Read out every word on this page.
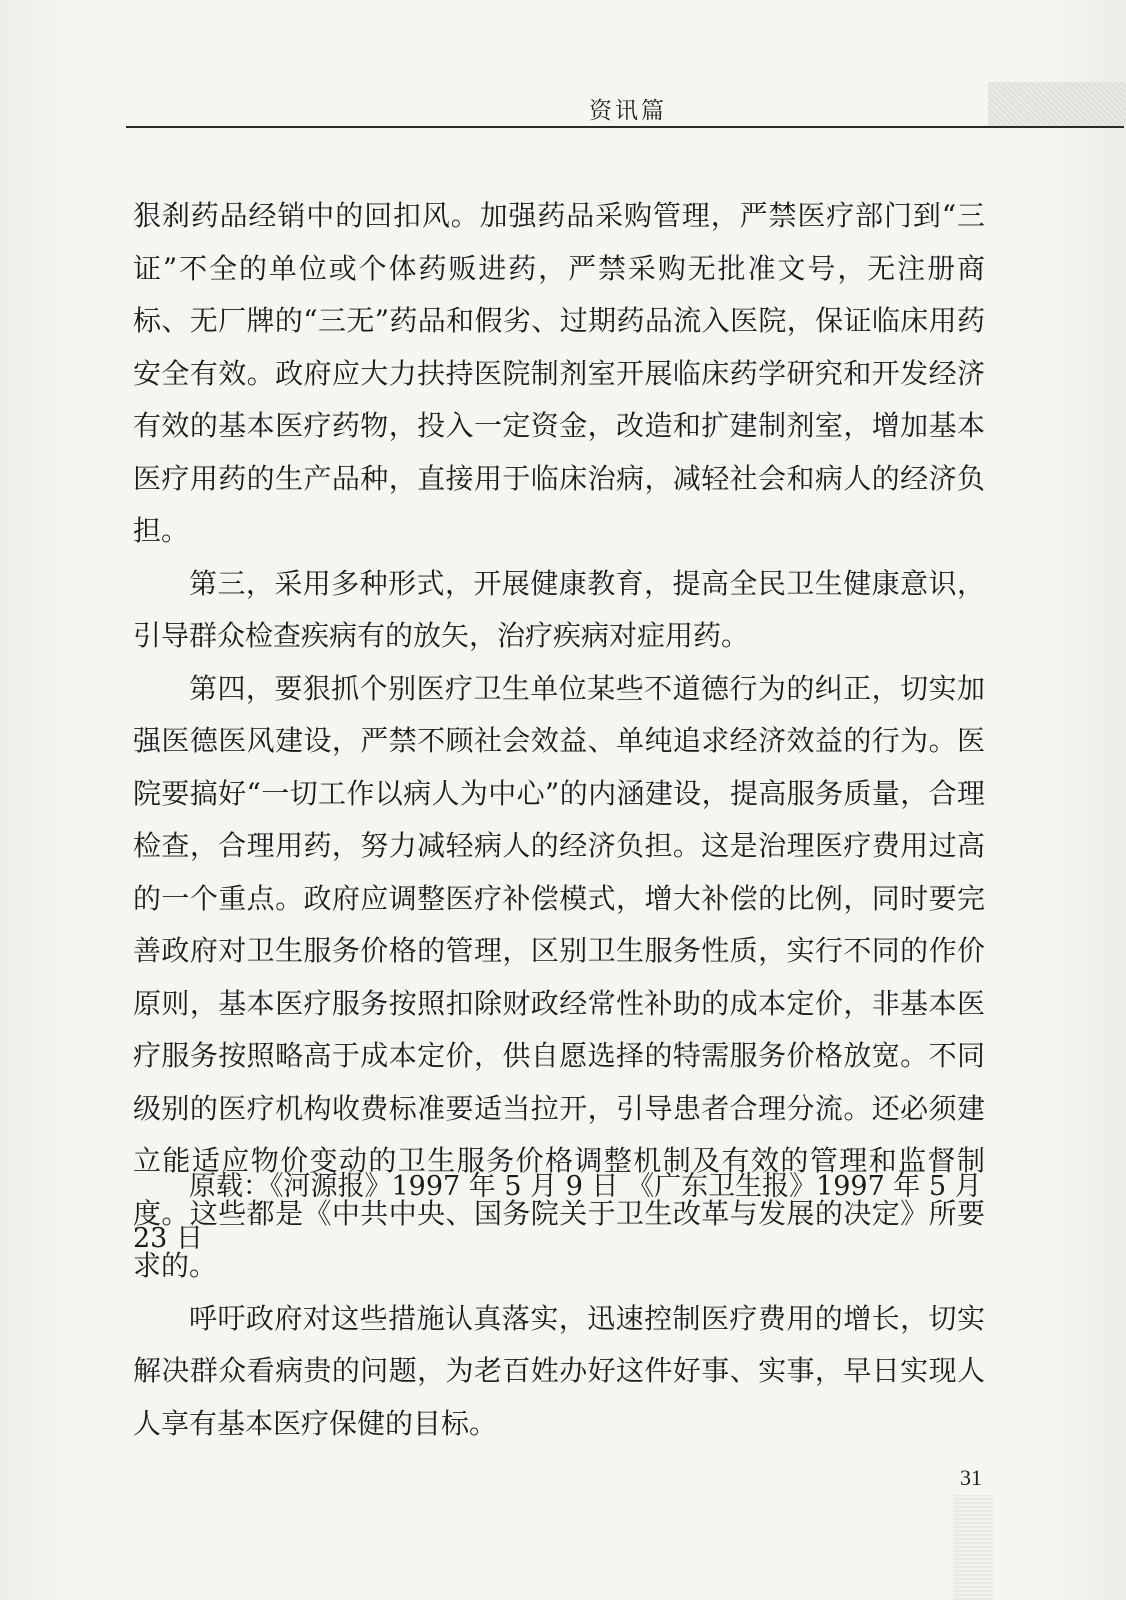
资讯篇

狠刹药品经销中的回扣风。加强药品采购管理，严禁医疗部门到“三证”不全的单位或个体药贩进药，严禁采购无批准文号，无注册商标、无厂牌的“三无”药品和假劣、过期药品流入医院，保证临床用药安全有效。政府应大力扶持医院制剂室开展临床药学研究和开发经济有效的基本医疗药物，投入一定资金，改造和扩建制剂室，增加基本医疗用药的生产品种，直接用于临床治病，减轻社会和病人的经济负担。

第三，采用多种形式，开展健康教育，提高全民卫生健康意识，引导群众检查疾病有的放矢，治疗疾病对症用药。

第四，要狠抓个别医疗卫生单位某些不道德行为的纠正，切实加强医德医风建设，严禁不顾社会效益、单纯追求经济效益的行为。医院要搞好“一切工作以病人为中心”的内涵建设，提高服务质量，合理检查，合理用药，努力减轻病人的经济负担。这是治理医疗费用过高的一个重点。政府应调整医疗补偿模式，增大补偿的比例，同时要完善政府对卫生服务价格的管理，区别卫生服务性质，实行不同的作价原则，基本医疗服务按照扣除财政经常性补助的成本定价，非基本医疗服务按照略高于成本定价，供自愿选择的特需服务价格放宽。不同级别的医疗机构收费标准要适当拉开，引导患者合理分流。还必须建立能适应物价变动的卫生服务价格调整机制及有效的管理和监督制度。这些都是《中共中央、国务院关于卫生改革与发展的决定》所要求的。

呼吁政府对这些措施认真落实，迅速控制医疗费用的增长，切实解决群众看病贵的问题，为老百姓办好这件好事、实事，早日实现人人享有基本医疗保健的目标。

原载：《河源报》1997 年 5 月 9 日 《广东卫生报》1997 年 5 月 23 日
31
